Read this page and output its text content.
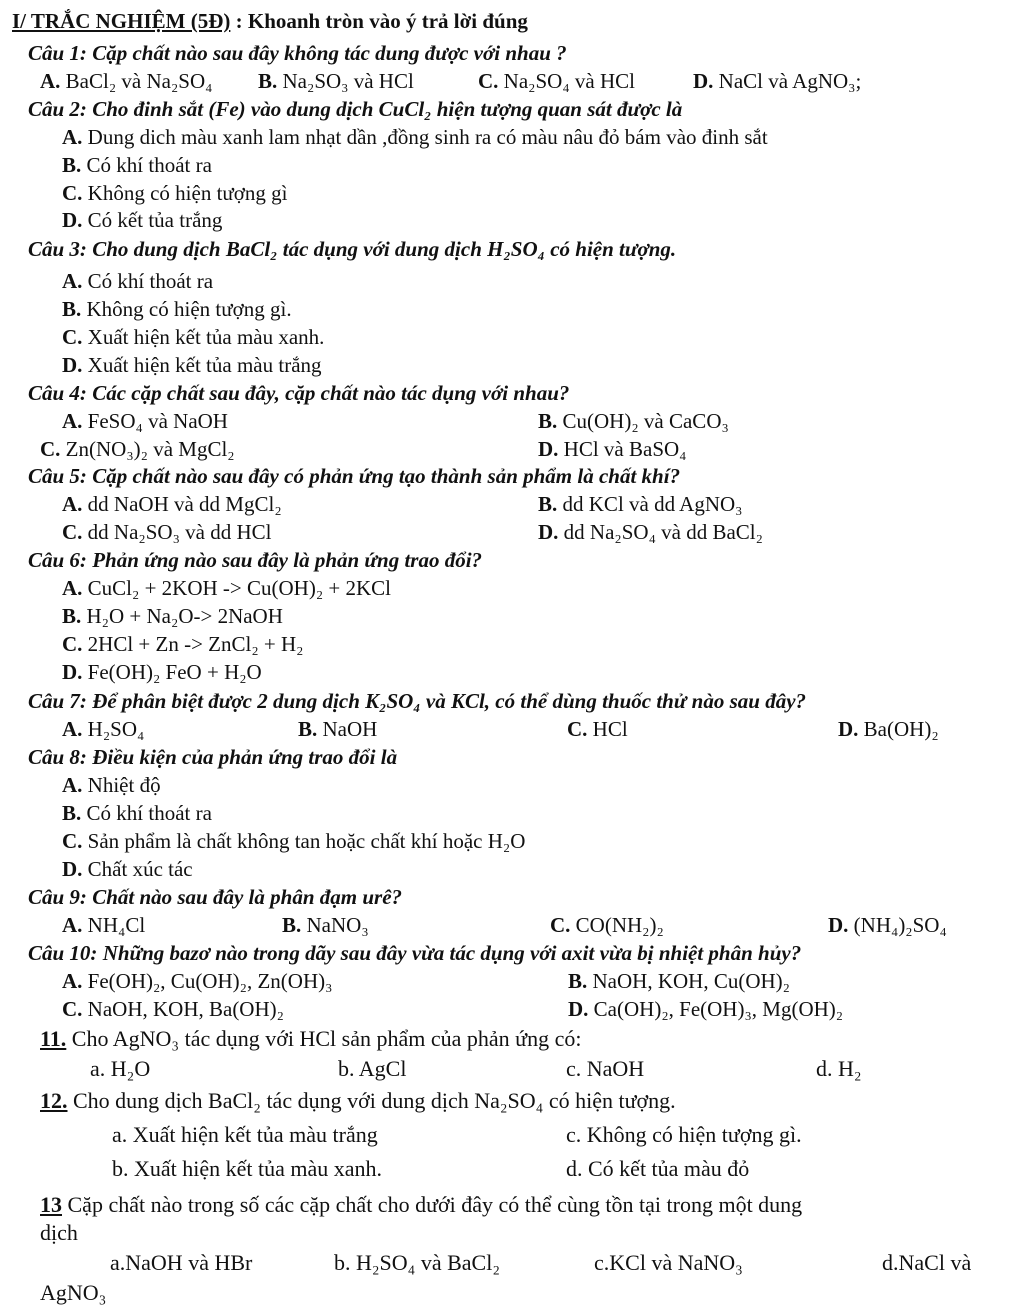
I/ TRẮC NGHIỆM (5Đ) : Khoanh tròn vào ý trả lời đúng
Câu 1: Cặp chất nào sau đây không tác dung được với nhau ?
A. BaCl₂ và Na₂SO₄ B. Na₂SO₃ và HCl	C. Na₂SO₄ và HCl	D. NaCl và AgNO₃;
Câu 2: Cho đinh sắt (Fe) vào dung dịch CuCl₂ hiện tượng quan sát được là
A. Dung dich màu xanh lam nhạt dần ,đồng sinh ra có màu nâu đỏ bám vào đinh sắt
B. Có khí thoát ra
C. Không có hiện tượng gì
D. Có kết tủa trắng
Câu 3: Cho dung dịch BaCl₂ tác dụng với dung dịch H₂SO₄ có hiện tượng.
A. Có khí thoát ra
B. Không có hiện tượng gì.
C. Xuất hiện kết tủa màu xanh.
D. Xuất hiện kết tủa màu trắng
Câu 4: Các cặp chất sau đây, cặp chất nào tác dụng với nhau?
A. FeSO₄ và NaOH	B. Cu(OH)₂ và CaCO₃
C. Zn(NO₃)₂ và MgCl₂	D. HCl và BaSO₄
Câu 5: Cặp chất nào sau đây có phản ứng tạo thành sản phẩm là chất khí?
A. dd NaOH và dd MgCl₂	B. dd KCl và dd AgNO₃
C. dd Na₂SO₃ và dd HCl	D. dd Na₂SO₄ và dd BaCl₂
Câu 6: Phản ứng nào sau đây là phản ứng trao đổi?
A. CuCl₂ + 2KOH -> Cu(OH)₂ + 2KCl
B. H₂O + Na₂O-> 2NaOH
C. 2HCl + Zn -> ZnCl₂ + H₂
D. Fe(OH)₂ FeO + H₂O
Câu 7: Để phân biệt được 2 dung dịch K₂SO₄ và KCl, có thể dùng thuốc thử nào sau đây?
A. H₂SO₄	B. NaOH	C. HCl	D. Ba(OH)₂
Câu 8: Điều kiện của phản ứng trao đổi là
A. Nhiệt độ
B. Có khí thoát ra
C. Sản phẩm là chất không tan hoặc chất khí hoặc H₂O
D. Chất xúc tác
Câu 9: Chất nào sau đây là phân đạm urê?
A. NH₄Cl	B. NaNO₃	C. CO(NH₂)₂	D. (NH₄)₂SO₄
Câu 10: Những bazơ nào trong dãy sau đây vừa tác dụng với axit vừa bị nhiệt phân hủy?
A. Fe(OH)₂, Cu(OH)₂, Zn(OH)₃	B. NaOH, KOH, Cu(OH)₂
C. NaOH, KOH, Ba(OH)₂	D. Ca(OH)₂, Fe(OH)₃, Mg(OH)₂
11. Cho AgNO₃ tác dụng với HCl sản phẩm của phản ứng có:
a. H₂O	b. AgCl	c. NaOH	d. H₂
12. Cho dung dịch BaCl₂ tác dụng với dung dịch Na₂SO₄ có hiện tượng.
a. Xuất hiện kết tủa màu trắng	c. Không có hiện tượng gì.
b. Xuất hiện kết tủa màu xanh.	d. Có kết tủa màu đỏ
13 Cặp chất nào trong số các cặp chất cho dưới đây có thể cùng tồn tại trong một dung
dịch
a.NaOH và HBr	b. H₂SO₄ và BaCl₂	c.KCl và NaNO₃	d.NaCl và
AgNO₃
